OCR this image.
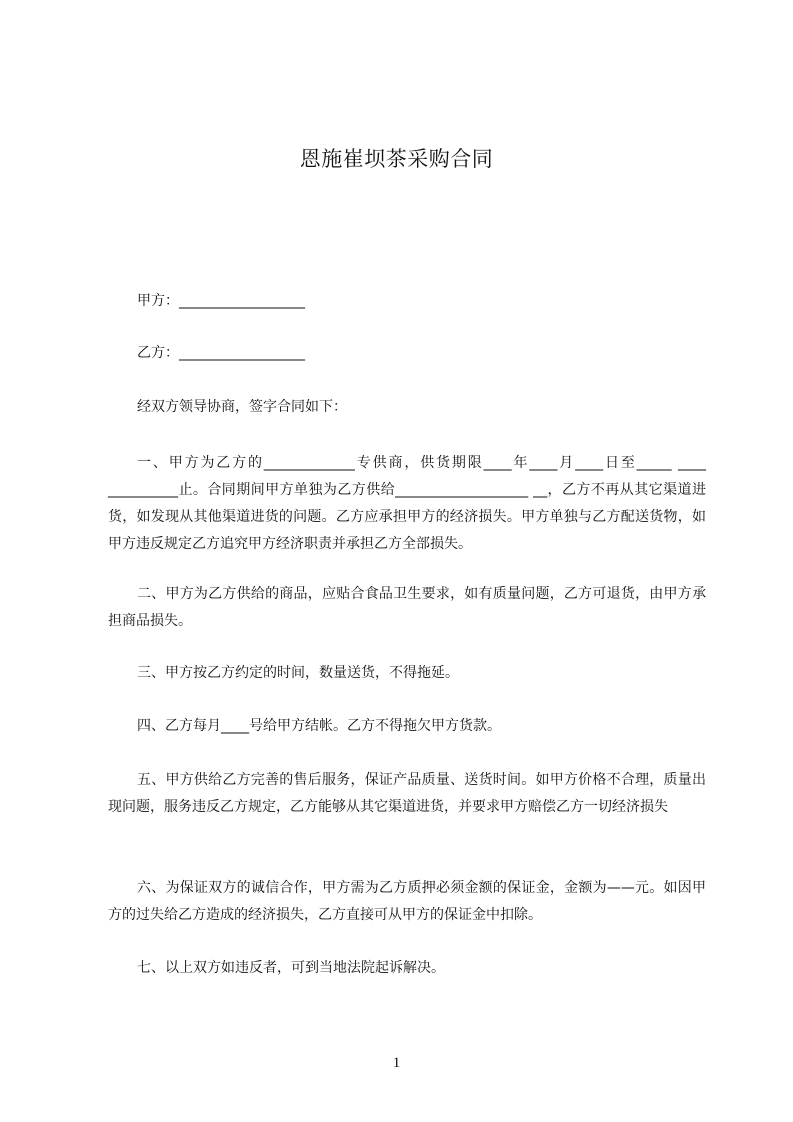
恩施崔坝茶采购合同
甲方：__________________
乙方：__________________
经双方领导协商，签字合同如下：
一、甲方为乙方的_____________专供商，供货期限____年____月____日至_____ ____ __________止。合同期间甲方单独为乙方供给___________________ __，乙方不再从其它渠道进货，如发现从其他渠道进货的问题。乙方应承担甲方的经济损失。甲方单独与乙方配送货物，如甲方违反规定乙方追究甲方经济职责并承担乙方全部损失。
二、甲方为乙方供给的商品，应贴合食品卫生要求，如有质量问题，乙方可退货，由甲方承担商品损失。
三、甲方按乙方约定的时间，数量送货，不得拖延。
四、乙方每月____号给甲方结帐。乙方不得拖欠甲方货款。
五、甲方供给乙方完善的售后服务，保证产品质量、送货时间。如甲方价格不合理，质量出现问题，服务违反乙方规定，乙方能够从其它渠道进货，并要求甲方赔偿乙方一切经济损失
六、为保证双方的诚信合作，甲方需为乙方质押必须金额的保证金，金额为——元。如因甲方的过失给乙方造成的经济损失，乙方直接可从甲方的保证金中扣除。
七、以上双方如违反者，可到当地法院起诉解决。
1
